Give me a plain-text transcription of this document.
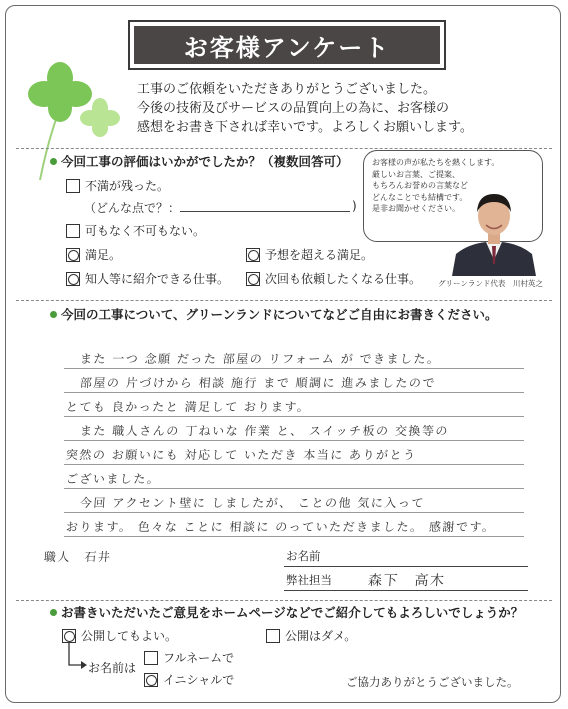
お客様アンケート
工事のご依頼をいただきありがとうございました。
今後の技術及びサービスの品質向上の為に、お客様の
感想をお書き下されば幸いです。よろしくお願いします。
今回工事の評価はいかがでしたか？（複数回答可）
不満が残った。
（どんな点で？：	)
可もなく不可もない。
満足。	予想を超える満足。
知人等に紹介できる仕事。	次回も依頼したくなる仕事。
お客様の声が私たちを熱くします。
厳しいお言葉、ご提案、
もちろんお誉めの言葉など
どんなことでも結構です。
是非お聞かせください。
グリーンランド代表　川村英之
今回の工事について、グリーンランドについてなどご自由にお書きください。
また 一つ 念願 だった 部屋の リフォーム が できました。
部屋の 片づけから 相談 施行 まで 順調に 進みましたので
とても 良かったと 満足して おります。
また 職人さんの 丁ねいな 作業 と、 スイッチ板の 交換等の
突然の お願いにも 対応して いただき 本当に ありがとう
ございました。
今回 アクセント壁に しましたが、 ことの他 気に入って
おります。 色々な ことに 相談に のっていただきました。 感謝です。
職人　石井	お名前
弊社担当	森下　高木
お書きいただいたご意見をホームページなどでご紹介してもよろしいでしょうか？
公開してもよい。	公開はダメ。
お名前は
フルネームで
イニシャルで	ご協力ありがとうございました。
